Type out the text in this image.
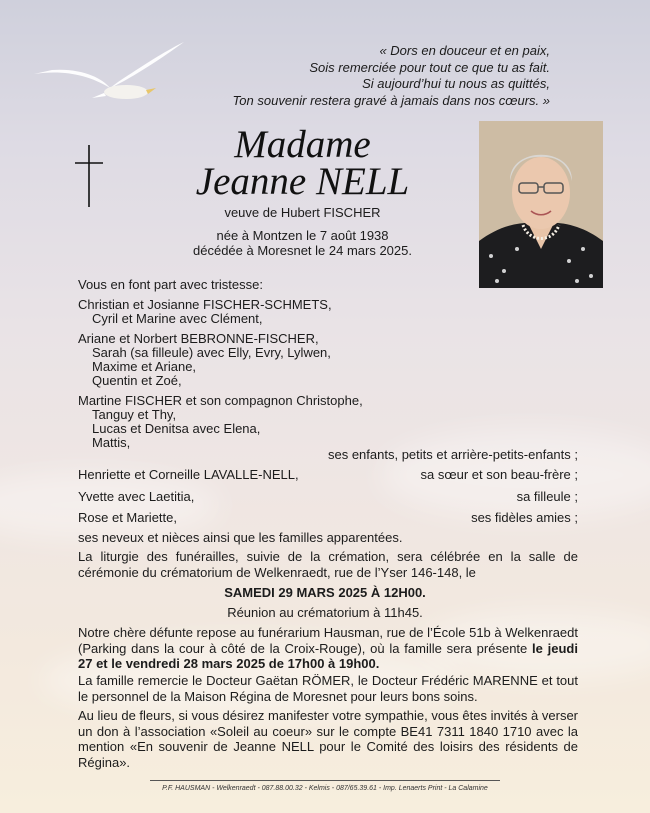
« Dors en douceur et en paix,
Sois remerciée pour tout ce que tu as fait.
Si aujourd’hui tu nous as quittés,
Ton souvenir restera gravé à jamais dans nos cœurs. »
Madame
Jeanne NELL
veuve de Hubert FISCHER
née à Montzen le 7 août 1938
décédée à Moresnet le 24 mars 2025.
Vous en font part avec tristesse:
Christian et Josianne FISCHER-SCHMETS,
Cyril et Marine avec Clément,
Ariane et Norbert BEBRONNE-FISCHER,
Sarah (sa filleule) avec Elly, Evry, Lylwen,
Maxime et Ariane,
Quentin et Zoé,
Martine FISCHER et son compagnon Christophe,
Tanguy et Thy,
Lucas et Denitsa avec Elena,
Mattis,
ses enfants, petits et arrière-petits-enfants ;
Henriette et Corneille LAVALLE-NELL,	sa sœur et son beau-frère ;
Yvette avec Laetitia,	sa filleule ;
Rose et Mariette,	ses fidèles amies ;
ses neveux et nièces ainsi que les familles apparentées.
La liturgie des funérailles, suivie de la crémation, sera célébrée en la salle de cérémonie du crématorium de Welkenraedt, rue de l’Yser 146-148, le
SAMEDI 29 MARS 2025 À 12H00.
Réunion au crématorium à 11h45.
Notre chère défunte repose au funérarium Hausman, rue de l’École 51b à Welkenraedt (Parking dans la cour à côté de la Croix-Rouge), où la famille sera présente le jeudi 27 et le vendredi 28 mars 2025 de 17h00 à 19h00.
La famille remercie le Docteur Gaëtan RÖMER, le Docteur Frédéric MARENNE et tout le personnel de la Maison Régina de Moresnet pour leurs bons soins.
Au lieu de fleurs, si vous désirez manifester votre sympathie, vous êtes invités à verser un don à l’association «Soleil au coeur» sur le compte BE41 7311 1840 1710 avec la mention «En souvenir de Jeanne NELL pour le Comité des loisirs des résidents de Régina».
P.F. HAUSMAN - Welkenraedt - 087.88.00.32 - Kelmis - 087/65.39.61 - Imp. Lenaerts Print - La Calamine
